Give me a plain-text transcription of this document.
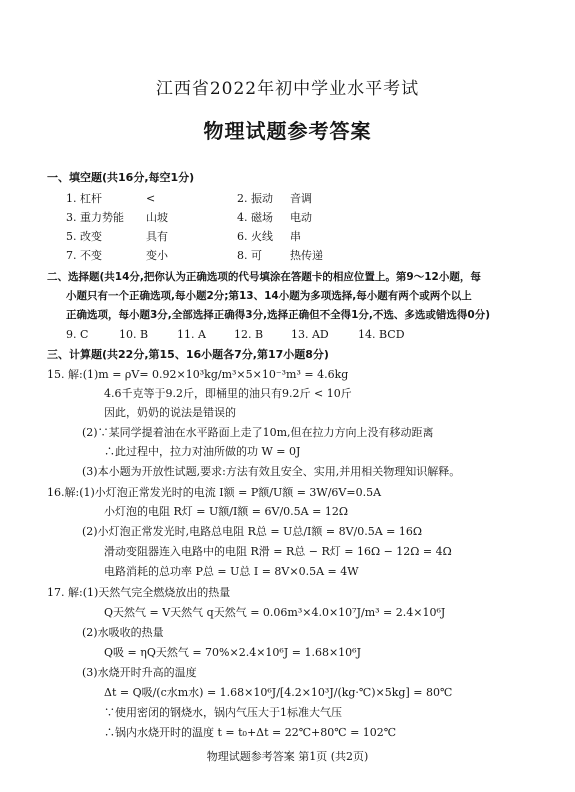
江西省2022年初中学业水平考试
物理试题参考答案
一、填空题(共16分,每空1分)
1. 杠杆	<	2. 振动 音调
3. 重力势能 山坡	4. 磁场 电动
5. 改变	具有	6. 火线 串
7. 不变	变小	8. 可	热传递
二、选择题(共14分,把你认为正确选项的代号填涂在答题卡的相应位置上。第9～12小题，每
小题只有一个正确选项,每小题2分;第13、14小题为多项选择,每小题有两个或两个以上
正确选项，每小题3分,全部选择正确得3分,选择正确但不全得1分,不选、多选或错选得0分)
9. C	10. B	11. A	12. B	13. AD	14. BCD
三、计算题(共22分,第15、16小题各7分,第17小题8分)
15. 解:(1)m = ρV= 0.92×10³kg/m³×5×10⁻³m³ = 4.6kg
4.6千克等于9.2斤，即桶里的油只有9.2斤 < 10斤
因此，奶奶的说法是错误的
(2)∵某同学提着油在水平路面上走了10m,但在拉力方向上没有移动距离
∴此过程中，拉力对油所做的功 W = 0J
(3)本小题为开放性试题,要求:方法有效且安全、实用,并用相关物理知识解释。
16.解:(1)小灯泡正常发光时的电流 I额 = P额/U额 = 3W/6V=0.5A
小灯泡的电阻 R灯 = U额/I额 = 6V/0.5A = 12Ω
(2)小灯泡正常发光时,电路总电阻 R总 = U总/I额 = 8V/0.5A = 16Ω
滑动变阻器连入电路中的电阻 R滑 = R总 − R灯 = 16Ω − 12Ω = 4Ω
电路消耗的总功率 P总 = U总 I = 8V×0.5A = 4W
17. 解:(1)天然气完全燃烧放出的热量
Q天然气 = V天然气 q天然气 = 0.06m³×4.0×10⁷J/m³ = 2.4×10⁶J
(2)水吸收的热量
Q吸 = ηQ天然气 = 70%×2.4×10⁶J = 1.68×10⁶J
(3)水烧开时升高的温度
Δt = Q吸/(c水m水) = 1.68×10⁶J/[4.2×10³J/(kg·℃)×5kg] = 80℃
∵使用密闭的钢烧水，锅内气压大于1标准大气压
∴锅内水烧开时的温度 t = t₀+Δt = 22℃+80℃ = 102℃
物理试题参考答案 第1页 (共2页)
